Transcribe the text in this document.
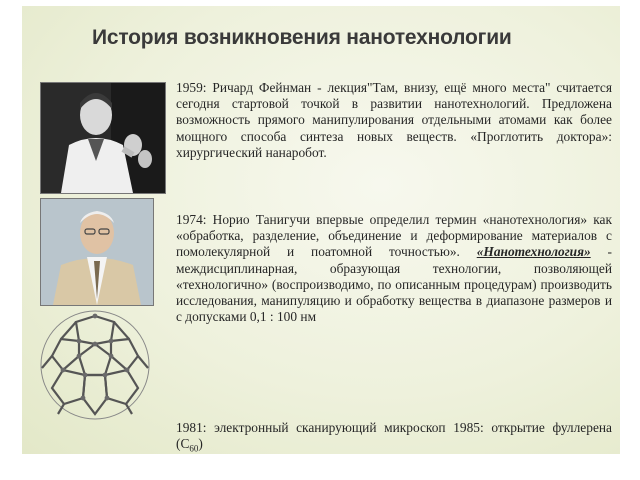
История возникновения нанотехнологии
1959: Ричард Фейнман - лекция"Там, внизу, ещё много места" считается сегодня стартовой точкой в развитии нанотехнологий. Предложена возможность прямого манипулирования отдельными атомами как более мощного способа синтеза новых веществ. «Проглотить доктора»: хирургический нанаробот.
1974: Норио Танигучи впервые определил термин «нанотехнология» как «обработка, разделение, объединение и деформирование материалов с помолекулярной и поатомной точностью». «Нанотехнология» - междисциплинарная, образующая технологии, позволяющей «технологично» (воспроизводимо, по описанным процедурам) производить исследования, манипуляцию и обработку вещества в диапазоне размеров и с допусками 0,1 : 100 нм
1981: электронный сканирующий микроскоп 1985: открытие фуллерена $(С_{60})$
